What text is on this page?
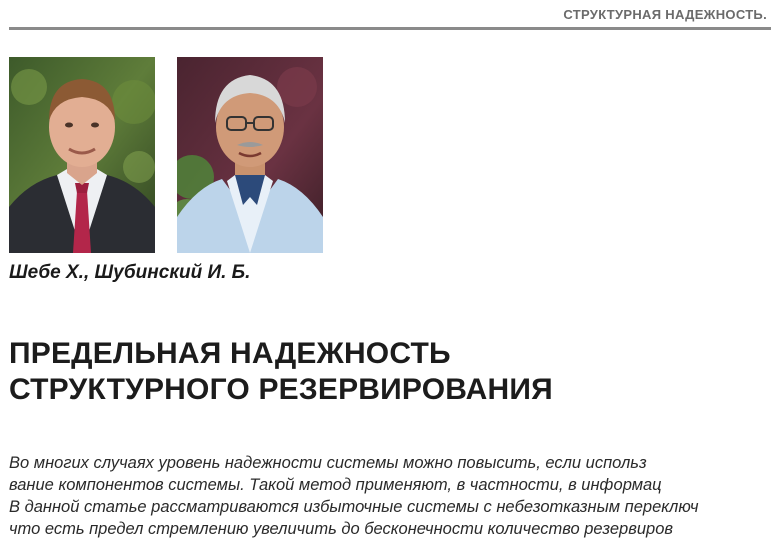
СТРУКТУРНАЯ НАДЕЖНОСТЬ.
Шебе Х., Шубинский И. Б.
ПРЕДЕЛЬНАЯ НАДЕЖНОСТЬ
СТРУКТУРНОГО РЕЗЕРВИРОВАНИЯ
Во многих случаях уровень надежности системы можно повысить, если использ
вание компонентов системы. Такой метод применяют, в частности, в информац
В данной статье рассматриваются избыточные системы с небезотказным переключ
что есть предел стремлению увеличить до бесконечности количество резервиров
